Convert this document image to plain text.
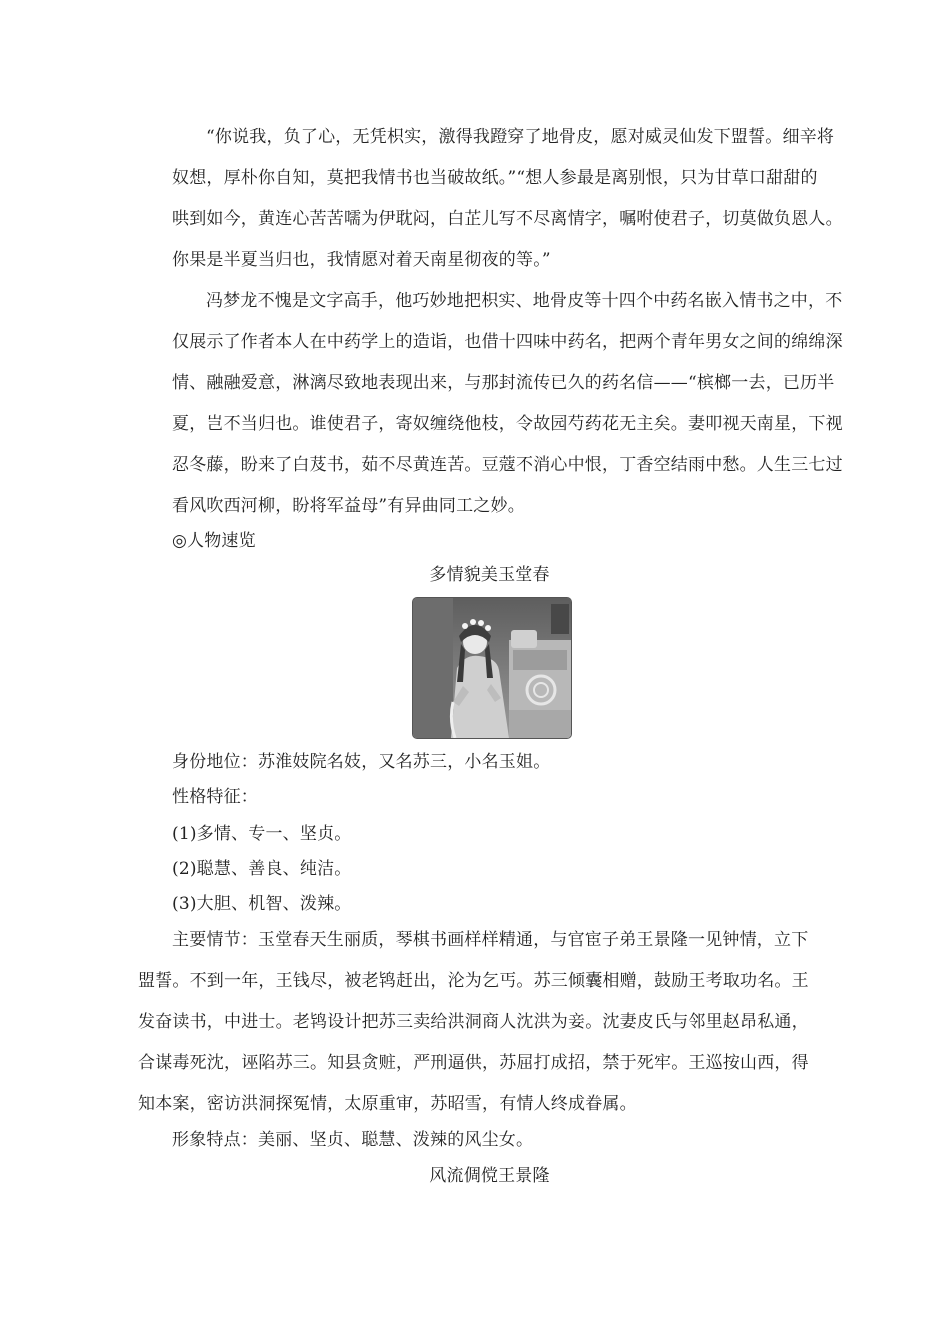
“你说我，负了心，无凭枳实，激得我蹬穿了地骨皮，愿对威灵仙发下盟誓。细辛将
奴想，厚朴你自知，莫把我情书也当破故纸。”“想人参最是离别恨，只为甘草口甜甜的
哄到如今，黄连心苦苦嚅为伊耽闷，白芷儿写不尽离情字，嘱咐使君子，切莫做负恩人。
你果是半夏当归也，我情愿对着天南星彻夜的等。”
冯梦龙不愧是文字高手，他巧妙地把枳实、地骨皮等十四个中药名嵌入情书之中，不
仅展示了作者本人在中药学上的造诣，也借十四味中药名，把两个青年男女之间的绵绵深
情、融融爱意，淋漓尽致地表现出来，与那封流传已久的药名信——“槟榔一去，已历半
夏，岂不当归也。谁使君子，寄奴缠绕他枝，令故园芍药花无主矣。妻叩视天南星，下视
忍冬藤，盼来了白芨书，茹不尽黄连苦。豆蔻不消心中恨，丁香空结雨中愁。人生三七过
看风吹西河柳，盼将军益母”有异曲同工之妙。
◎人物速览
多情貌美玉堂春
身份地位：苏淮妓院名妓，又名苏三，小名玉姐。
性格特征：
(1)多情、专一、坚贞。
(2)聪慧、善良、纯洁。
(3)大胆、机智、泼辣。
主要情节：玉堂春天生丽质，琴棋书画样样精通，与官宦子弟王景隆一见钟情，立下
盟誓。不到一年，王钱尽，被老鸨赶出，沦为乞丐。苏三倾囊相赠，鼓励王考取功名。王
发奋读书，中进士。老鸨设计把苏三卖给洪洞商人沈洪为妾。沈妻皮氏与邻里赵昂私通，
合谋毒死沈，诬陷苏三。知县贪赃，严刑逼供，苏屈打成招，禁于死牢。王巡按山西，得
知本案，密访洪洞探冤情，太原重审，苏昭雪，有情人终成眷属。
形象特点：美丽、坚贞、聪慧、泼辣的风尘女。
风流倜傥王景隆
